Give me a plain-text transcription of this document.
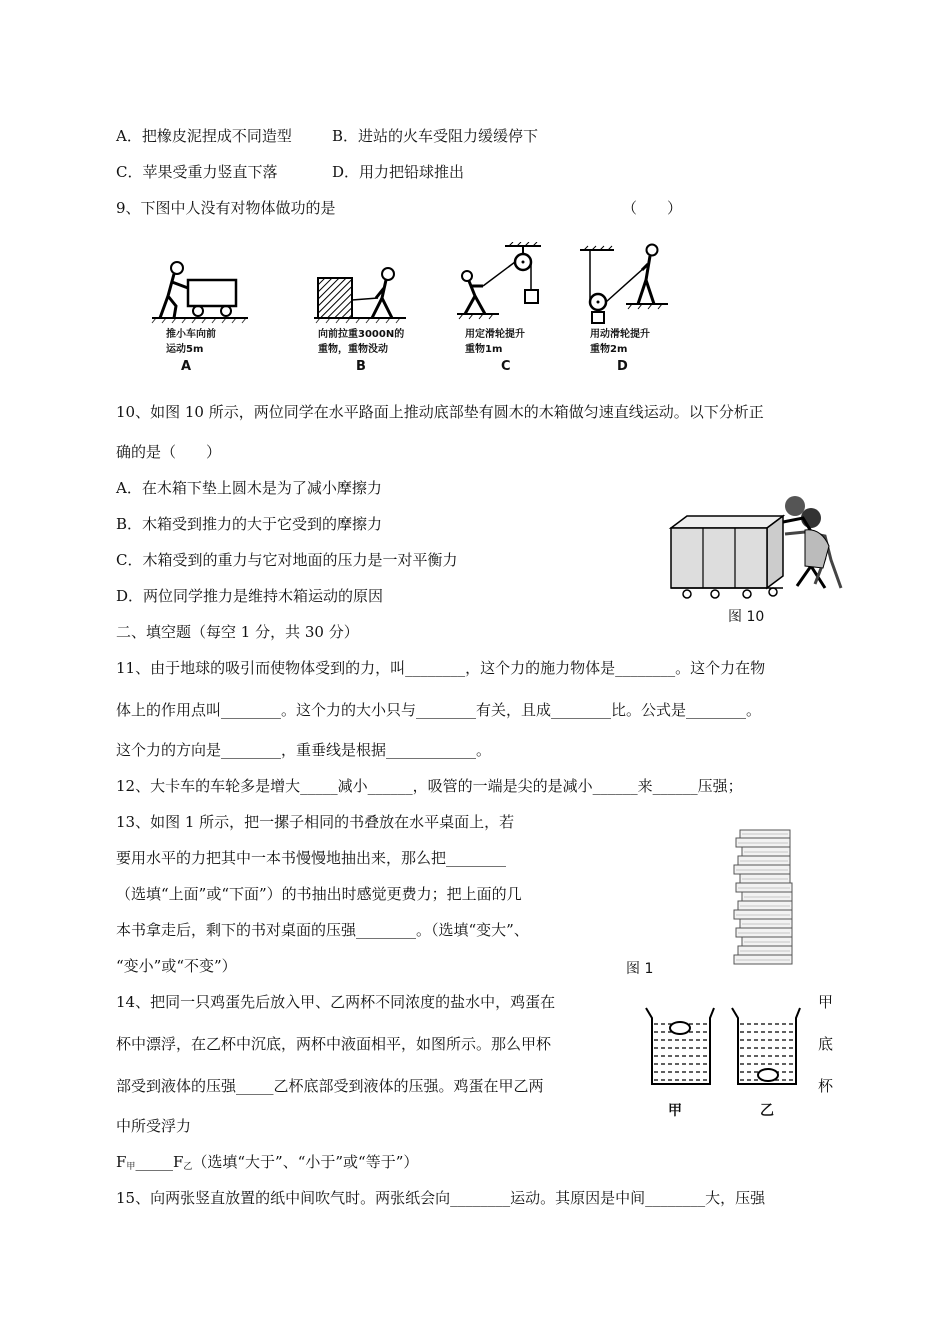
A．把橡皮泥捏成不同造型	B．进站的火车受阻力缓缓停下
C．苹果受重力竖直下落	D．用力把铅球推出
9、下图中人没有对物体做功的是	（　　）
推小车向前
运动5m
A
向前拉重3000N的
重物，重物没动
B
用定滑轮提升
重物1m
C
用动滑轮提升
重物2m
D
10、如图 10 所示，两位同学在水平路面上推动底部垫有圆木的木箱做匀速直线运动。以下分析正
确的是（　　）
A．在木箱下垫上圆木是为了减小摩擦力
B．木箱受到推力的大于它受到的摩擦力
C．木箱受到的重力与它对地面的压力是一对平衡力
D．两位同学推力是维持木箱运动的原因
图 10
二、填空题（每空 1 分，共 30 分）
11、由于地球的吸引而使物体受到的力，叫________，这个力的施力物体是________。这个力在物
体上的作用点叫________。这个力的大小只与________有关，且成________比。公式是________。
这个力的方向是________，重垂线是根据____________。
12、大卡车的车轮多是增大_____减小______，吸管的一端是尖的是减小______来______压强；
13、如图 1 所示，把一摞子相同的书叠放在水平桌面上，若
要用水平的力把其中一本书慢慢地抽出来，那么把________
（选填“上面”或“下面”）的书抽出时感觉更费力；把上面的几
本书拿走后，剩下的书对桌面的压强________。（选填“变大”、
“变小”或“不变”）	图 1
14、把同一只鸡蛋先后放入甲、乙两杯不同浓度的盐水中，鸡蛋在	甲
杯中漂浮，在乙杯中沉底，两杯中液面相平，如图所示。那么甲杯	底
部受到液体的压强_____乙杯底部受到液体的压强。鸡蛋在甲乙两	杯
中所受浮力
$F_甲\_\_\_\_\_F_乙$（选填“大于”、“小于”或“等于”）
甲	乙
15、向两张竖直放置的纸中间吹气时。两张纸会向________运动。其原因是中间________大，压强
